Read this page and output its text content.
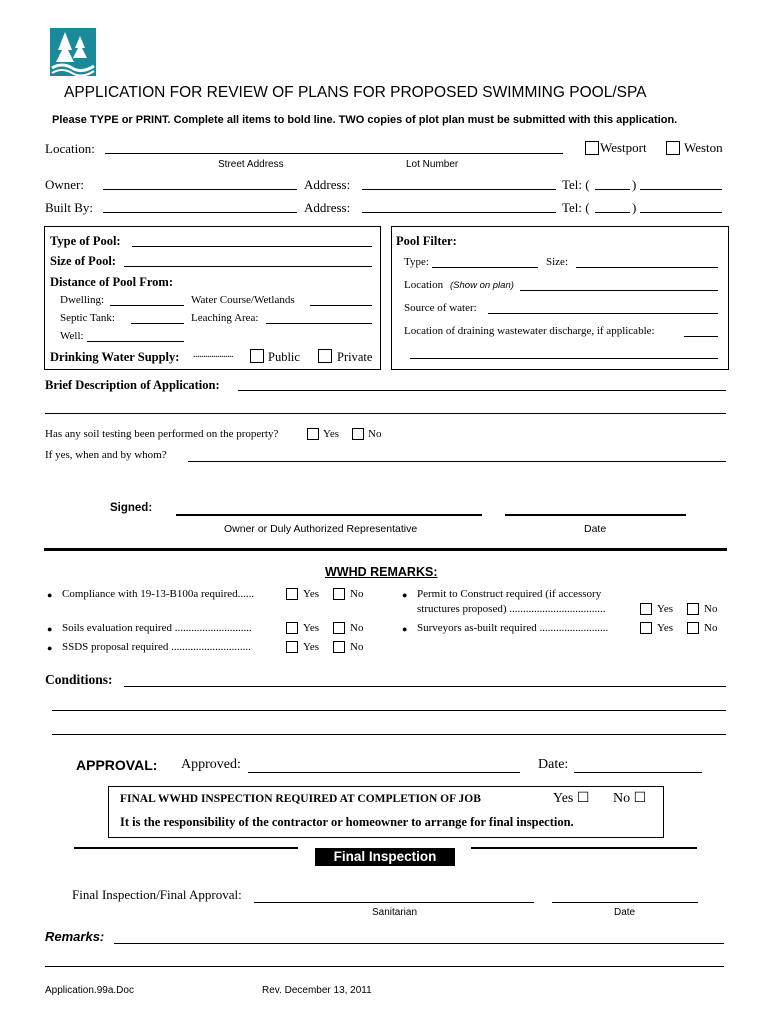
APPLICATION FOR REVIEW OF PLANS FOR PROPOSED SWIMMING POOL/SPA
Please TYPE or PRINT. Complete all items to bold line. TWO copies of plot plan must be submitted with this application.
Location:	Westport	Weston
Street Address	Lot Number
Owner:	Address:	Tel: (	)
Built By:	Address:	Tel: (	)
Type of Pool:
Size of Pool:
Distance of Pool From:
Dwelling:	Water Course/Wetlands
Septic Tank:	Leaching Area:
Well:
Drinking Water Supply: ....................	Public	Private
Pool Filter:
Type:	Size:
Location (Show on plan)
Source of water:
Location of draining wastewater discharge, if applicable:
Brief Description of Application:
Has any soil testing been performed on the property?	Yes	No
If yes, when and by whom?
Signed:
Owner or Duly Authorized Representative	Date
WWHD REMARKS:
● Compliance with 19-13-B100a required......	Yes	No
● Soils evaluation required ............................	Yes	No
● SSDS proposal required .............................	Yes	No
● Permit to Construct required (if accessory
structures proposed) ...................................	Yes	No
● Surveyors as-built required .........................	Yes	No
Conditions:
APPROVAL: Approved:	Date:
FINAL WWHD INSPECTION REQUIRED AT COMPLETION OF JOB	Yes ☐ No ☐
It is the responsibility of the contractor or homeowner to arrange for final inspection.
Final Inspection
Final Inspection/Final Approval:
Sanitarian	Date
Remarks:
Application.99a.Doc	Rev. December 13, 2011
